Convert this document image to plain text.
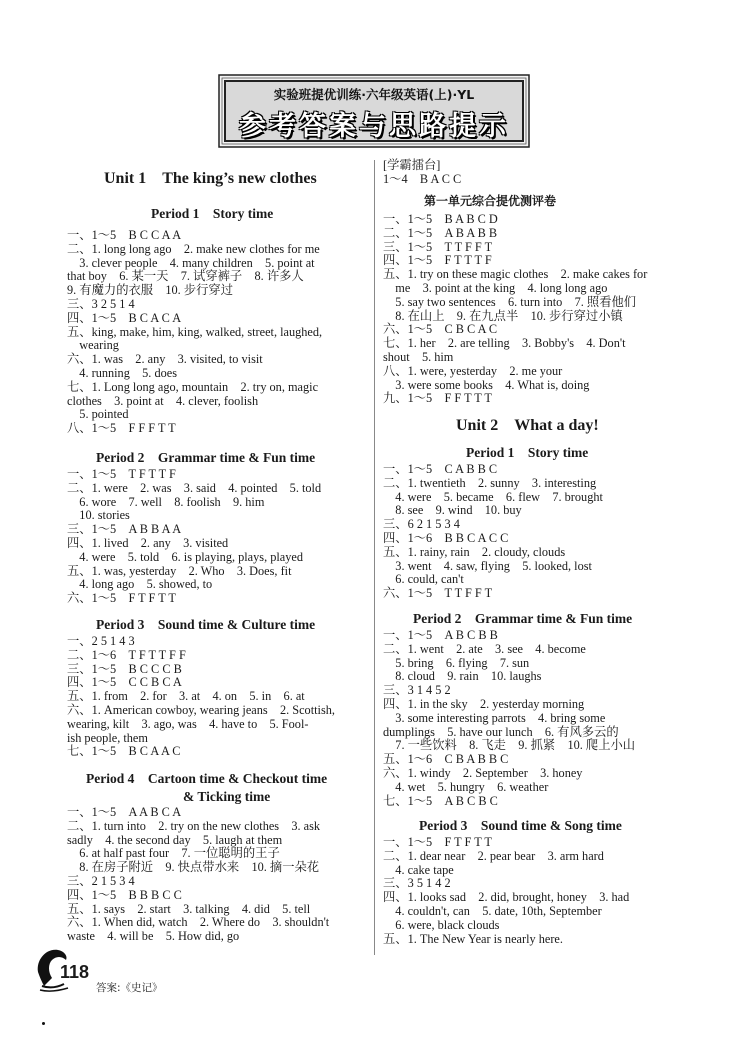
实验班提优训练·六年级英语(上)·YL
参考答案与思路提示
Unit 1　The king’s new clothes
Period 1　Story time
一、1～5　B C C A A
二、1. long long ago　2. make new clothes for me
　3. clever people　4. many children　5. point at
that boy　6. 某一天　7. 试穿裤子　8. 许多人
9. 有魔力的衣服　10. 步行穿过
三、3 2 5 1 4
四、1～5　B C A C A
五、king, make, him, king, walked, street, laughed,
　wearing
六、1. was　2. any　3. visited, to visit
　4. running　5. does
七、1. Long long ago, mountain　2. try on, magic
clothes　3. point at　4. clever, foolish
　5. pointed
八、1～5　F F F T T
Period 2　Grammar time & Fun time
一、1～5　T F T T F
二、1. were　2. was　3. said　4. pointed　5. told
　6. wore　7. well　8. foolish　9. him
　10. stories
三、1～5　A B B A A
四、1. lived　2. any　3. visited
　4. were　5. told　6. is playing, plays, played
五、1. was, yesterday　2. Who　3. Does, fit
　4. long ago　5. showed, to
六、1～5　F T F T T
Period 3　Sound time & Culture time
一、2 5 1 4 3
二、1～6　T F T T F F
三、1～5　B C C C B
四、1～5　C C B C A
五、1. from　2. for　3. at　4. on　5. in　6. at
六、1. American cowboy, wearing jeans　2. Scottish,
wearing, kilt　3. ago, was　4. have to　5. Fool-
ish people, them
七、1～5　B C A A C
Period 4　Cartoon time & Checkout time
& Ticking time
一、1～5　A A B C A
二、1. turn into　2. try on the new clothes　3. ask
sadly　4. the second day　5. laugh at them
　6. at half past four　7. 一位聪明的王子
　8. 在房子附近　9. 快点带水来　10. 摘一朵花
三、2 1 5 3 4
四、1～5　B B B C C
五、1. says　2. start　3. talking　4. did　5. tell
六、1. When did, watch　2. Where do　3. shouldn't
waste　4. will be　5. How did, go
[学霸擂台]
1～4　B A C C
第一单元综合提优测评卷
一、1～5　B A B C D
二、1～5　A B A B B
三、1～5　T T F F T
四、1～5　F T T T F
五、1. try on these magic clothes　2. make cakes for
　me　3. point at the king　4. long long ago
　5. say two sentences　6. turn into　7. 照看他们
　8. 在山上　9. 在九点半　10. 步行穿过小镇
六、1～5　C B C A C
七、1. her　2. are telling　3. Bobby's　4. Don't
shout　5. him
八、1. were, yesterday　2. me your
　3. were some books　4. What is, doing
九、1～5　F F T T T
Unit 2　What a day!
Period 1　Story time
一、1～5　C A B B C
二、1. twentieth　2. sunny　3. interesting
　4. were　5. became　6. flew　7. brought
　8. see　9. wind　10. buy
三、6 2 1 5 3 4
四、1～6　B B C A C C
五、1. rainy, rain　2. cloudy, clouds
　3. went　4. saw, flying　5. looked, lost
　6. could, can't
六、1～5　T T F F T
Period 2　Grammar time & Fun time
一、1～5　A B C B B
二、1. went　2. ate　3. see　4. become
　5. bring　6. flying　7. sun
　8. cloud　9. rain　10. laughs
三、3 1 4 5 2
四、1. in the sky　2. yesterday morning
　3. some interesting parrots　4. bring some
dumplings　5. have our lunch　6. 有风多云的
　7. 一些饮料　8. 飞走　9. 抓紧　10. 爬上小山
五、1～6　C B A B B C
六、1. windy　2. September　3. honey
　4. wet　5. hungry　6. weather
七、1～5　A B C B C
Period 3　Sound time & Song time
一、1～5　F T F T T
二、1. dear near　2. pear bear　3. arm hard
　4. cake tape
三、3 5 1 4 2
四、1. looks sad　2. did, brought, honey　3. had
　4. couldn't, can　5. date, 10th, September
　6. were, black clouds
五、1. The New Year is nearly here.
118
答案:《史记》
